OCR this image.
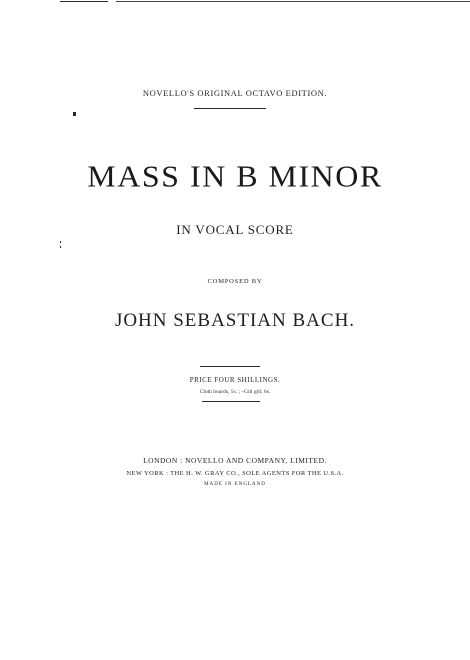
NOVELLO'S ORIGINAL OCTAVO EDITION.
MASS IN B MINOR
IN VOCAL SCORE
COMPOSED BY
JOHN SEBASTIAN BACH.
PRICE FOUR SHILLINGS.
Cloth boards, 5s. ; –Gilt gilt, 6s.
LONDON : NOVELLO AND COMPANY, LIMITED.
NEW YORK : THE H. W. GRAY CO., SOLE AGENTS FOR THE U.S.A.
MADE IN ENGLAND
